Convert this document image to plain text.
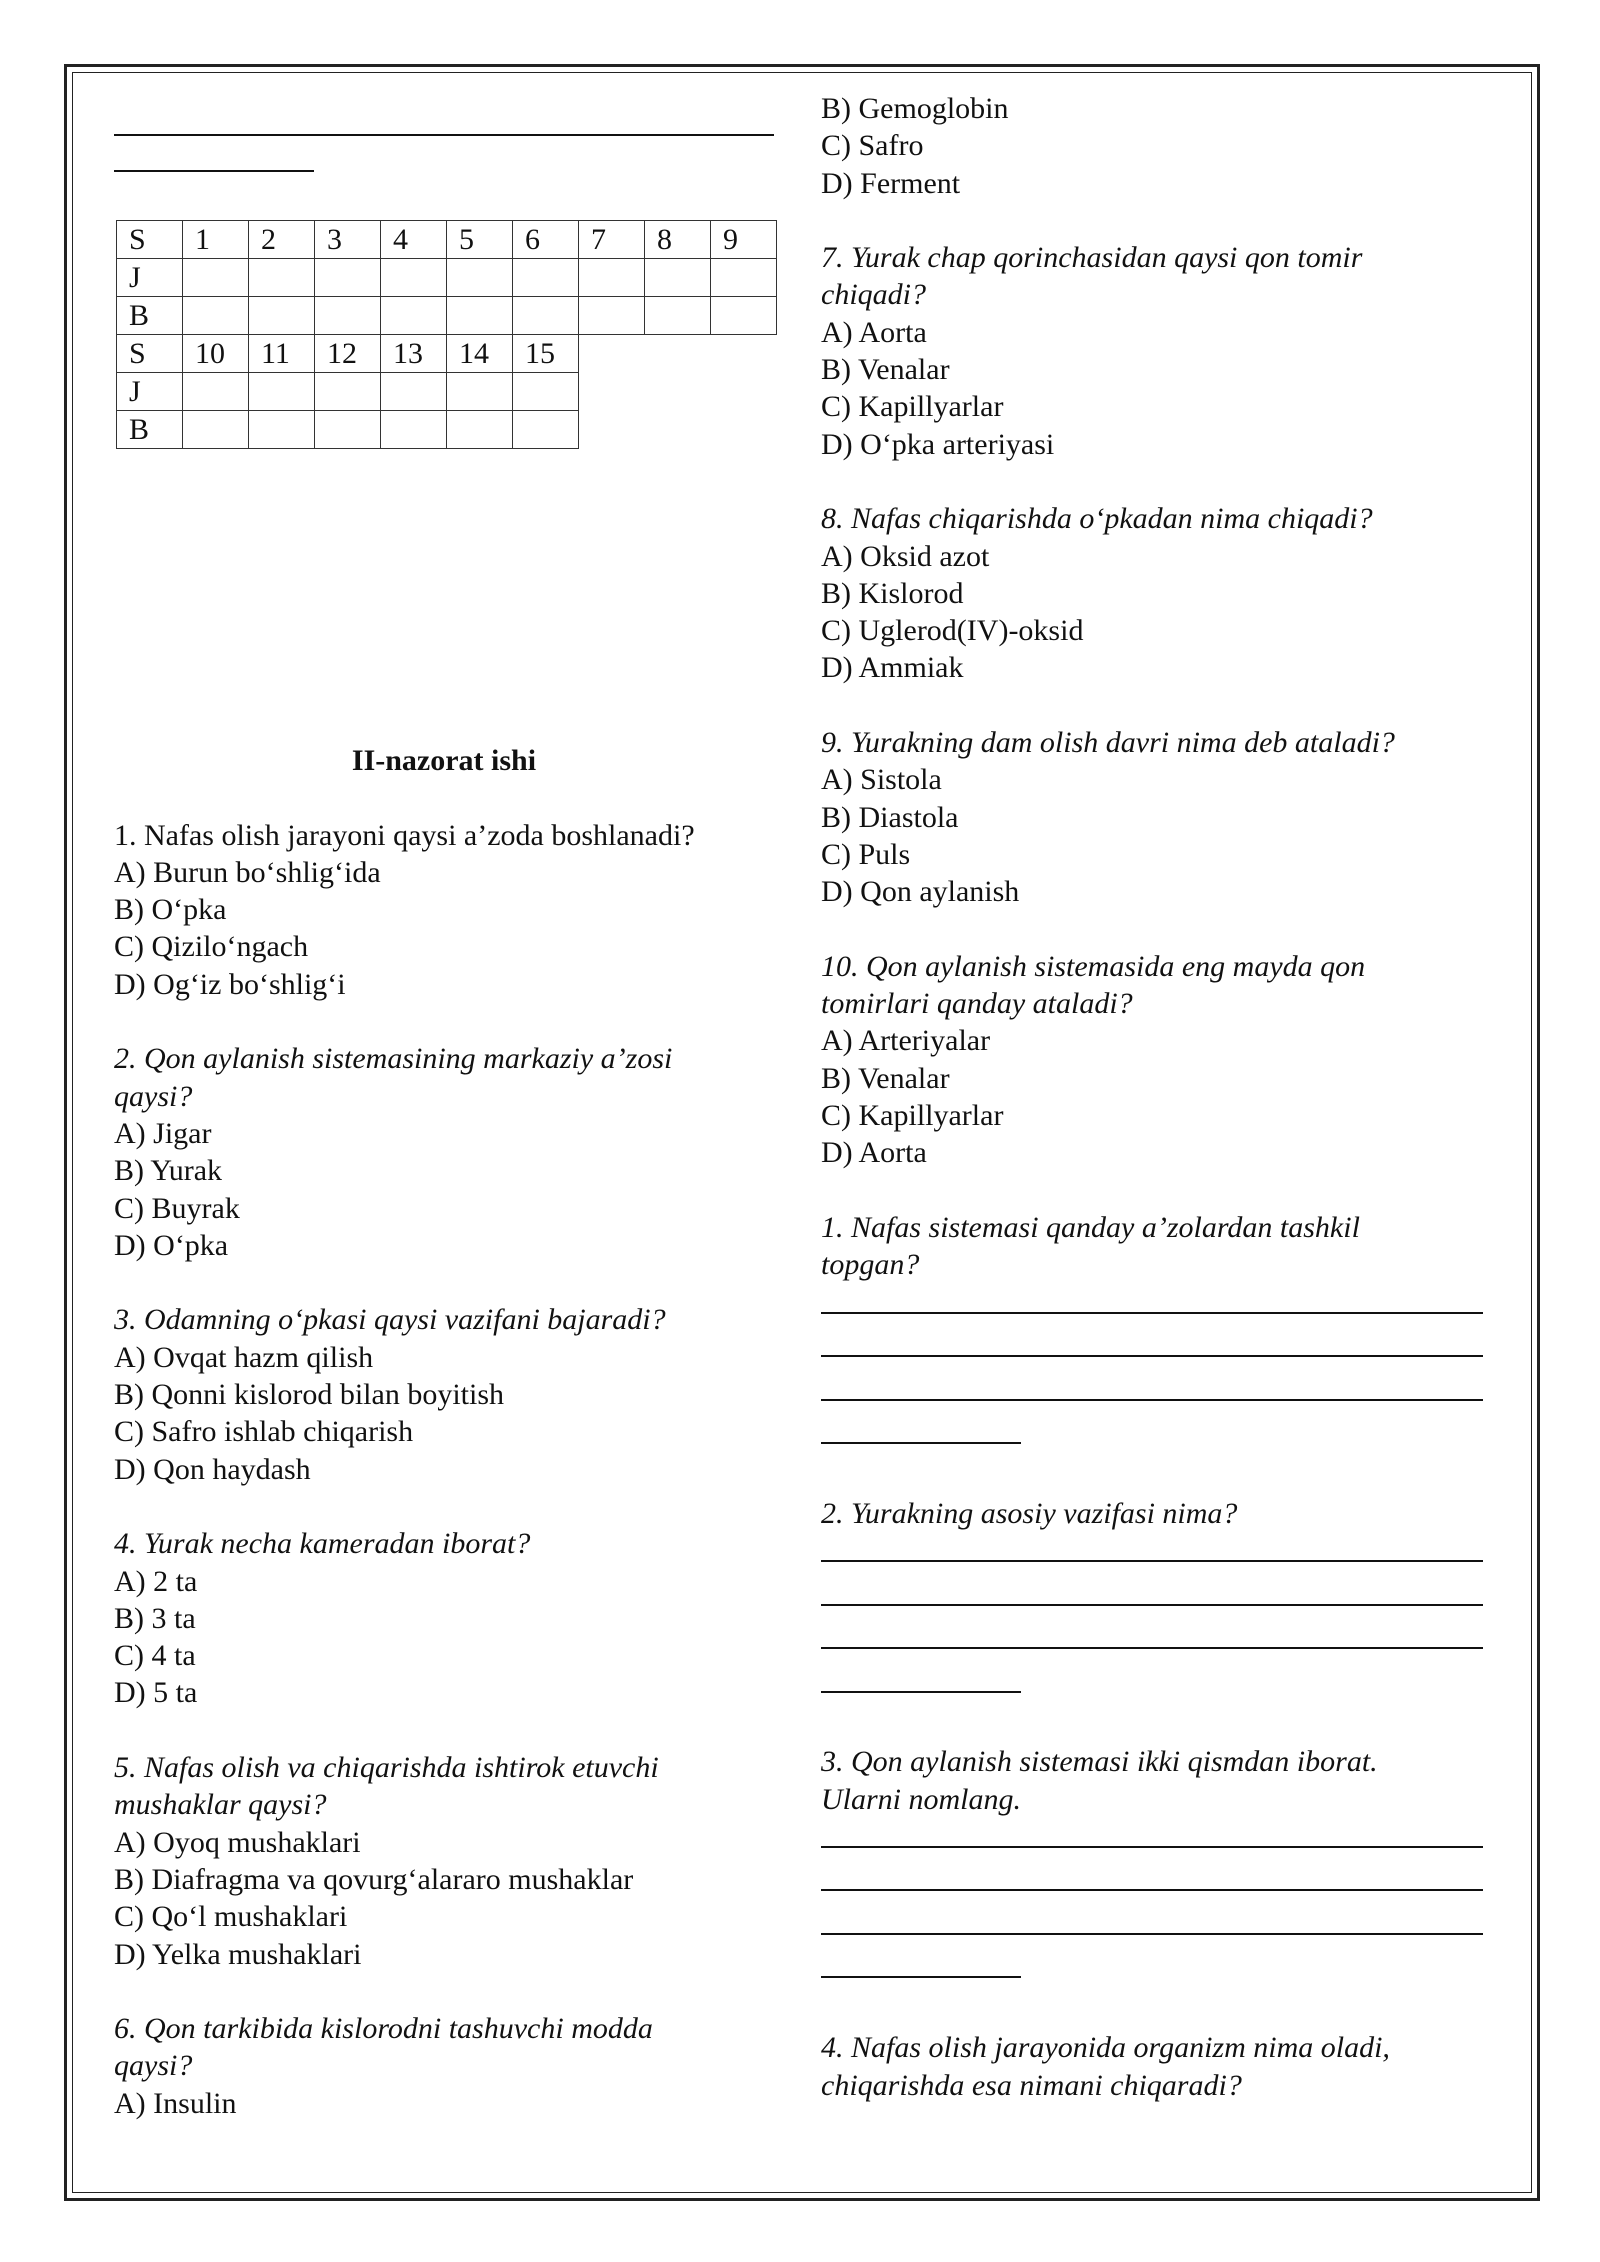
S	1	2	3	4	5	6	7	8	9
J									
B									
S	10	11	12	13	14	15			
J									
B									
II-nazorat ishi
1. Nafas olish jarayoni qaysi a’zoda boshlanadi?
A) Burun bo‘shlig‘ida
B) O‘pka
C) Qizilo‘ngach
D) Og‘iz bo‘shlig‘i
2. Qon aylanish sistemasining markaziy a’zosi
qaysi?
A) Jigar
B) Yurak
C) Buyrak
D) O‘pka
3. Odamning o‘pkasi qaysi vazifani bajaradi?
A) Ovqat hazm qilish
B) Qonni kislorod bilan boyitish
C) Safro ishlab chiqarish
D) Qon haydash
4. Yurak necha kameradan iborat?
A) 2 ta
B) 3 ta
C) 4 ta
D) 5 ta
5. Nafas olish va chiqarishda ishtirok etuvchi
mushaklar qaysi?
A) Oyoq mushaklari
B) Diafragma va qovurg‘alararo mushaklar
C) Qo‘l mushaklari
D) Yelka mushaklari
6. Qon tarkibida kislorodni tashuvchi modda
qaysi?
A) Insulin
B) Gemoglobin
C) Safro
D) Ferment
7. Yurak chap qorinchasidan qaysi qon tomir
chiqadi?
A) Aorta
B) Venalar
C) Kapillyarlar
D) O‘pka arteriyasi
8. Nafas chiqarishda o‘pkadan nima chiqadi?
A) Oksid azot
B) Kislorod
C) Uglerod(IV)-oksid
D) Ammiak
9. Yurakning dam olish davri nima deb ataladi?
A) Sistola
B) Diastola
C) Puls
D) Qon aylanish
10. Qon aylanish sistemasida eng mayda qon
tomirlari qanday ataladi?
A) Arteriyalar
B) Venalar
C) Kapillyarlar
D) Aorta
1. Nafas sistemasi qanday a’zolardan tashkil
topgan?
2. Yurakning asosiy vazifasi nima?
3. Qon aylanish sistemasi ikki qismdan iborat.
Ularni nomlang.
4. Nafas olish jarayonida organizm nima oladi,
chiqarishda esa nimani chiqaradi?
